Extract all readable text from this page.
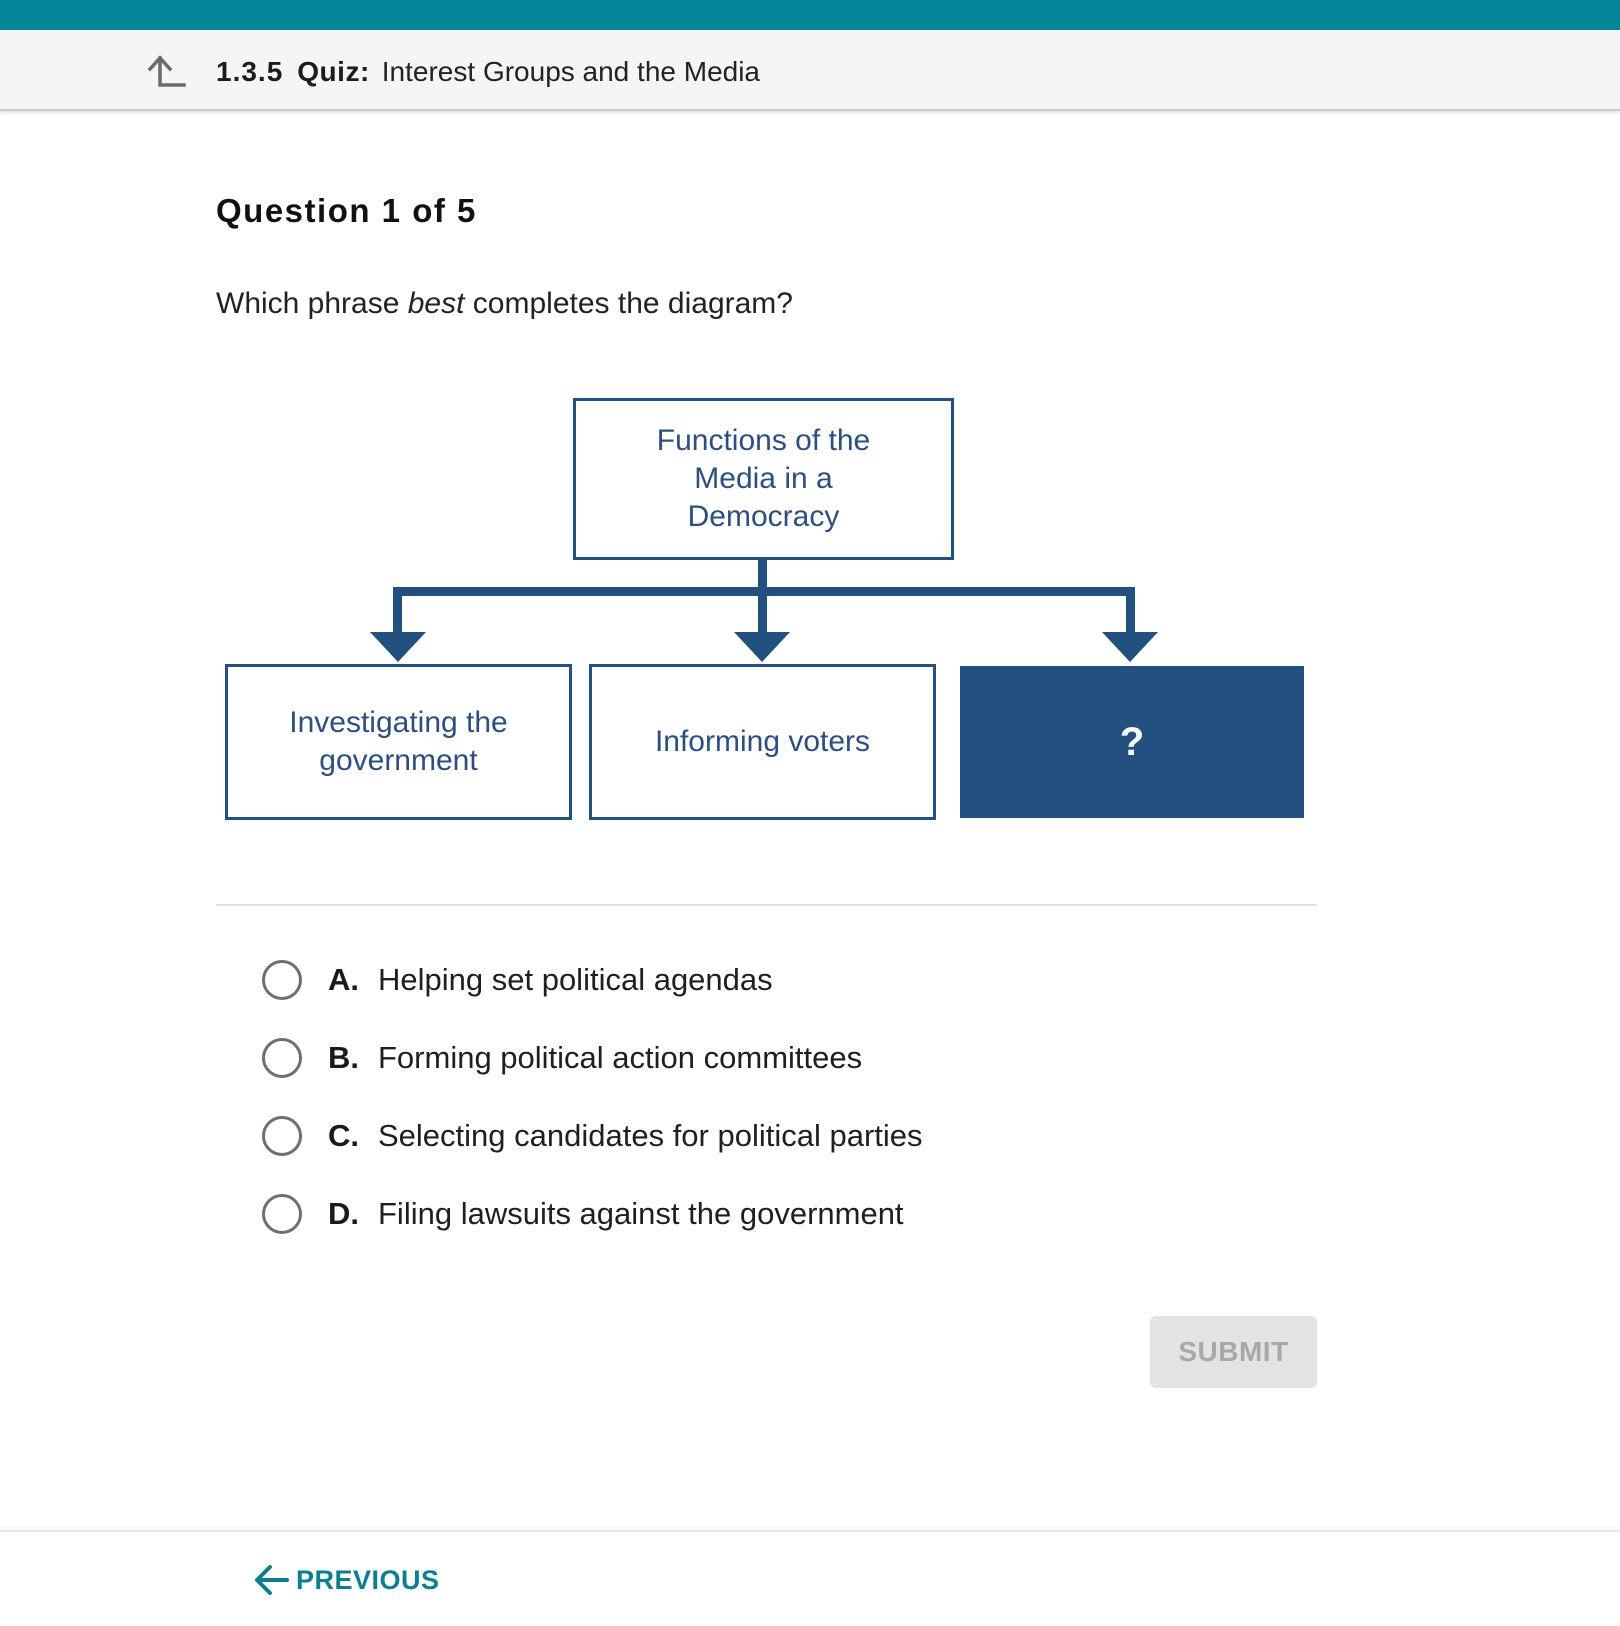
1.3.5 Quiz: Interest Groups and the Media
Question 1 of 5
Which phrase best completes the diagram?
Functions of the
Media in a
Democracy
Investigating the
government
Informing voters	?
A. Helping set political agendas
B. Forming political action committees
C. Selecting candidates for political parties
D. Filing lawsuits against the government
SUBMIT
PREVIOUS
